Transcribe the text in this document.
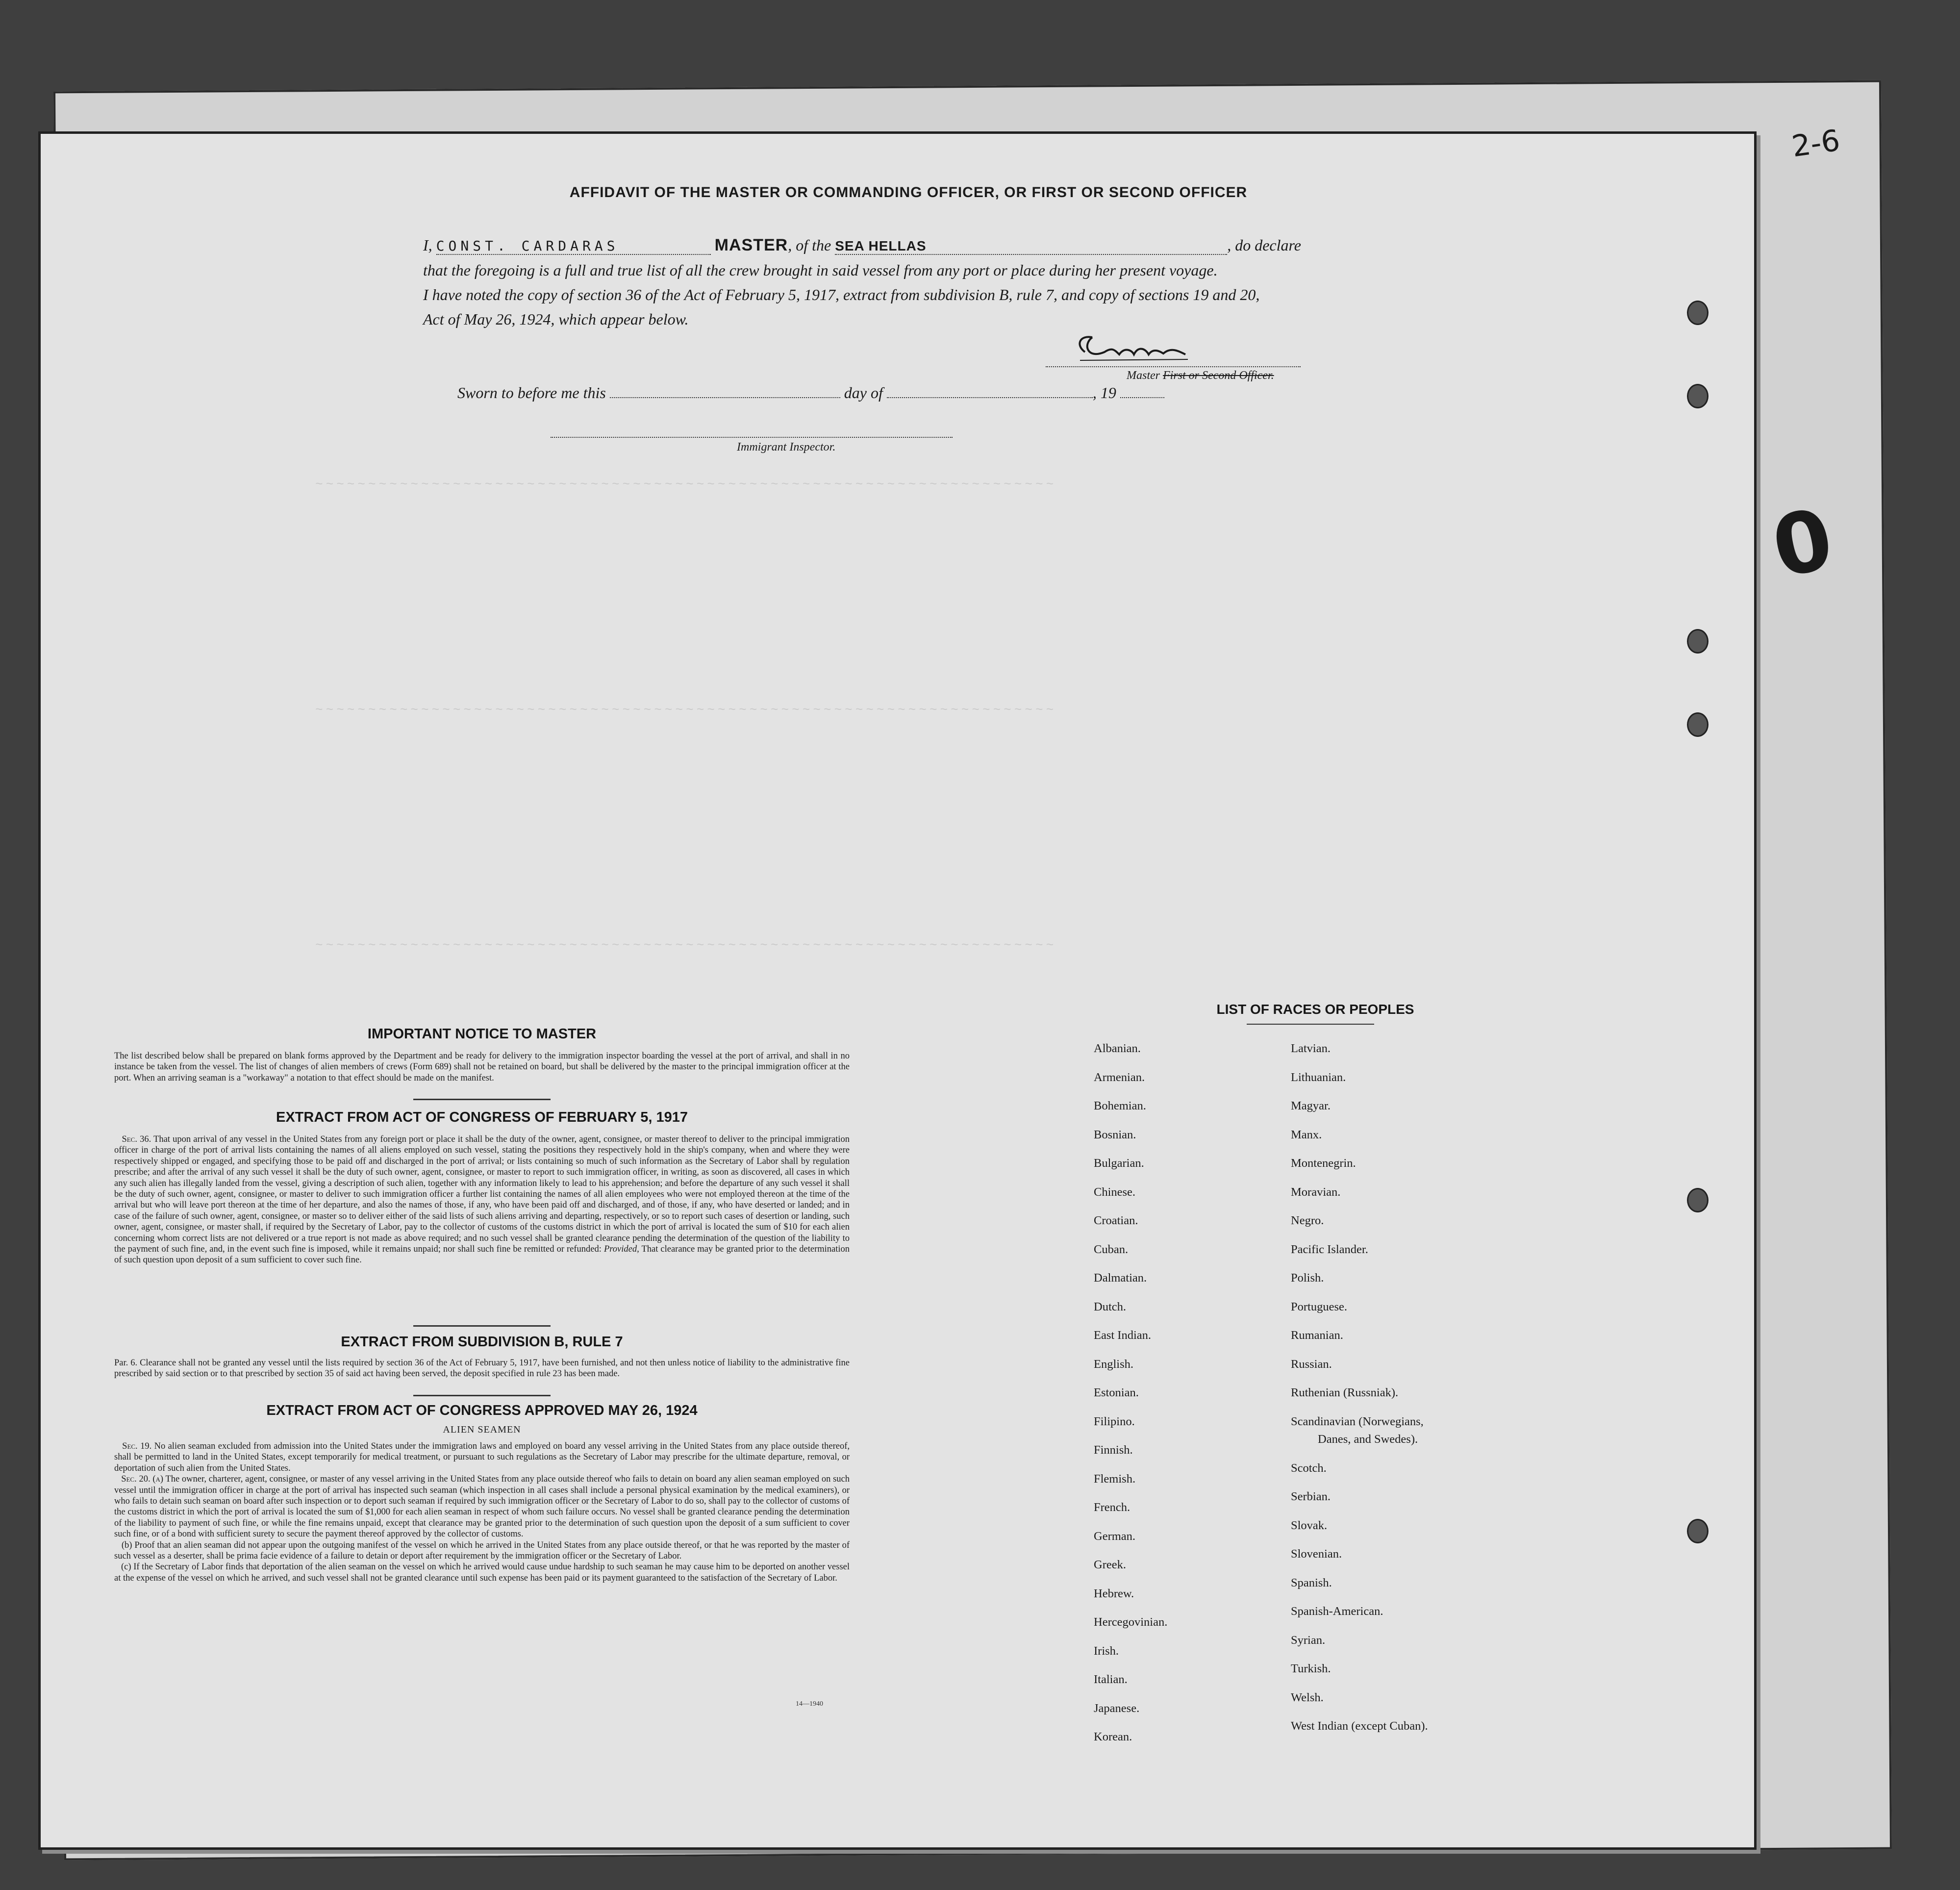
~~~~~~~~~~~~~~~~~~~~~~~~~~~~~~~~~~~~~~~~~~~~~~~~~~~~~~~~~~~~~~~~~~~~~~
~~~~~~~~~~~~~~~~~~~~~~~~~~~~~~~~~~~~~~~~~~~~~~~~~~~~~~~~~~~~~~~~~~~~~~
~~~~~~~~~~~~~~~~~~~~~~~~~~~~~~~~~~~~~~~~~~~~~~~~~~~~~~~~~~~~~~~~~~~~~~
AFFIDAVIT OF THE MASTER OR COMMANDING OFFICER, OR FIRST OR SECOND OFFICER
I, CONST. CARDARAS	MASTER, of the SEA HELLAS	, do declare
that the foregoing is a full and true list of all the crew brought in said vessel from any port or place during her present voyage.
I have noted the copy of section 36 of the Act of February 5, 1917, extract from subdivision B, rule 7, and copy of sections 19 and 20,
Act of May 26, 1924, which appear below.
Master First or Second Officer.
Sworn to before me this	day of	, 19
Immigrant Inspector.
IMPORTANT NOTICE TO MASTER
The list described below shall be prepared on blank forms approved by the Department and be ready for delivery to the immigration inspector boarding the vessel at the port of arrival, and shall in no instance be taken from the vessel. The list of changes of alien members of crews (Form 689) shall not be retained on board, but shall be delivered by the master to the principal immigration officer at the port. When an arriving seaman is a "workaway" a notation to that effect should be made on the manifest.
EXTRACT FROM ACT OF CONGRESS OF FEBRUARY 5, 1917

Sec. 36. That upon arrival of any vessel in the United States from any foreign port or place it shall be the duty of the owner, agent, consignee, or master thereof to deliver to the principal immigration officer in charge of the port of arrival lists containing the names of all aliens employed on such vessel, stating the positions they respectively hold in the ship's company, when and where they were respectively shipped or engaged, and specifying those to be paid off and discharged in the port of arrival; or lists containing so much of such information as the Secretary of Labor shall by regulation prescribe; and after the arrival of any such vessel it shall be the duty of such owner, agent, consignee, or master to report to such immigration officer, in writing, as soon as discovered, all cases in which any such alien has illegally landed from the vessel, giving a description of such alien, together with any information likely to lead to his apprehension; and before the departure of any such vessel it shall be the duty of such owner, agent, consignee, or master to deliver to such immigration officer a further list containing the names of all alien employees who were not employed thereon at the time of the arrival but who will leave port thereon at the time of her departure, and also the names of those, if any, who have been paid off and discharged, and of those, if any, who have deserted or landed; and in case of the failure of such owner, agent, consignee, or master so to deliver either of the said lists of such aliens arriving and departing, respectively, or so to report such cases of desertion or landing, such owner, agent, consignee, or master shall, if required by the Secretary of Labor, pay to the collector of customs of the customs district in which the port of arrival is located the sum of $10 for each alien concerning whom correct lists are not delivered or a true report is not made as above required; and no such vessel shall be granted clearance pending the determination of the question of the liability to the payment of such fine, and, in the event such fine is imposed, while it remains unpaid; nor shall such fine be remitted or refunded: Provided, That clearance may be granted prior to the determination of such question upon deposit of a sum sufficient to cover such fine.

EXTRACT FROM SUBDIVISION B, RULE 7
Par. 6. Clearance shall not be granted any vessel until the lists required by section 36 of the Act of February 5, 1917, have been furnished, and not then unless notice of liability to the administrative fine prescribed by said section or to that prescribed by section 35 of said act having been served, the deposit specified in rule 23 has been made.
EXTRACT FROM ACT OF CONGRESS APPROVED MAY 26, 1924
ALIEN SEAMEN

Sec. 19. No alien seaman excluded from admission into the United States under the immigration laws and employed on board any vessel arriving in the United States from any place outside thereof, shall be permitted to land in the United States, except temporarily for medical treatment, or pursuant to such regulations as the Secretary of Labor may prescribe for the ultimate departure, removal, or deportation of such alien from the United States.

Sec. 20. (a) The owner, charterer, agent, consignee, or master of any vessel arriving in the United States from any place outside thereof who fails to detain on board any alien seaman employed on such vessel until the immigration officer in charge at the port of arrival has inspected such seaman (which inspection in all cases shall include a personal physical examination by the medical examiners), or who fails to detain such seaman on board after such inspection or to deport such seaman if required by such immigration officer or the Secretary of Labor to do so, shall pay to the collector of customs of the customs district in which the port of arrival is located the sum of $1,000 for each alien seaman in respect of whom such failure occurs. No vessel shall be granted clearance pending the determination of the liability to payment of such fine, or while the fine remains unpaid, except that clearance may be granted prior to the determination of such question upon the deposit of a sum sufficient to cover such fine, or of a bond with sufficient surety to secure the payment thereof approved by the collector of customs.

(b) Proof that an alien seaman did not appear upon the outgoing manifest of the vessel on which he arrived in the United States from any place outside thereof, or that he was reported by the master of such vessel as a deserter, shall be prima facie evidence of a failure to detain or deport after requirement by the immigration officer or the Secretary of Labor.

(c) If the Secretary of Labor finds that deportation of the alien seaman on the vessel on which he arrived would cause undue hardship to such seaman he may cause him to be deported on another vessel at the expense of the vessel on which he arrived, and such vessel shall not be granted clearance until such expense has been paid or its payment guaranteed to the satisfaction of the Secretary of Labor.

14—1940
LIST OF RACES OR PEOPLES
Albanian.
Armenian.
Bohemian.
Bosnian.
Bulgarian.
Chinese.
Croatian.
Cuban.
Dalmatian.
Dutch.
East Indian.
English.
Estonian.
Filipino.
Finnish.
Flemish.
French.
German.
Greek.
Hebrew.
Hercegovinian.
Irish.
Italian.
Japanese.
Korean.
Latvian.
Lithuanian.
Magyar.
Manx.
Montenegrin.
Moravian.
Negro.
Pacific Islander.
Polish.
Portuguese.
Rumanian.
Russian.
Ruthenian (Russniak).
Scandinavian (Norwegians,
Danes, and Swedes).
Scotch.
Serbian.
Slovak.
Slovenian.
Spanish.
Spanish-American.
Syrian.
Turkish.
Welsh.
West Indian (except Cuban).
2-6
0
